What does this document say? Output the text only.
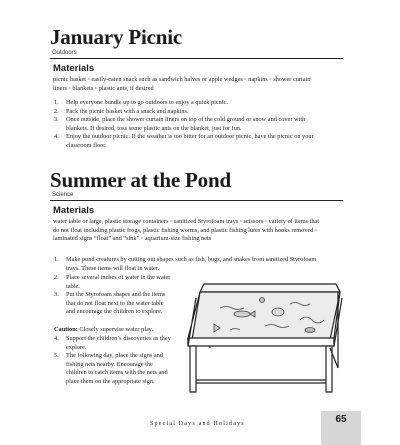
January Picnic
Outdoors
Materials
picnic basket ◦ easily-eaten snack such as sandwich halves or apple wedges ◦ napkins ◦ shower curtain liners ◦ blankets ◦ plastic ants, if desired
1. Help everyone bundle up to go outdoors to enjoy a quick picnic.
2. Pack the picnic basket with a snack and napkins.
3. Once outside, place the shower curtain liners on top of the cold ground or snow and cover with blankets. If desired, toss some plastic ants on the blanket, just for fun.
4. Enjoy the outdoor picnic. If the weather is too bitter for an outdoor picnic, have the picnic on your classroom floor.
Summer at the Pond
Science
Materials
water table or large, plastic storage containers ◦ sanitized Styrofoam trays ◦ scissors ◦ variety of items that do not float including plastic frogs, plastic fishing worms, and plastic fishing lures with hooks removed ◦ laminated signs “float” and “sink” ◦ aquarium-size fishing nets
1. Make pond creatures by cutting out shapes such as fish, bugs, and snakes from sanitized Styrofoam trays. These items will float in water.
2. Place several inches of water in the water table.
3. Put the Styrofoam shapes and the items that do not float next to the water table and encourage the children to explore.
Caution: Closely supervise water play.
4. Support the children’s discoveries as they explore.
5. The following day, place the signs and fishing nets nearby. Encourage the children to catch items with the nets and place them on the appropriate sign.
Special Days and Holidays	65
